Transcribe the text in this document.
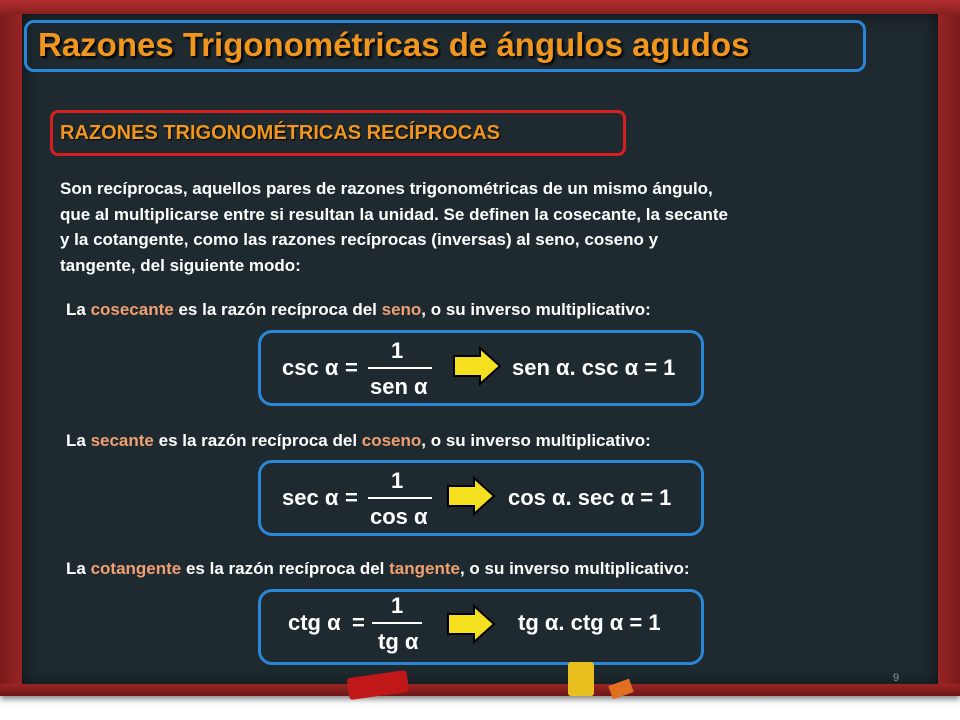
Razones Trigonométricas de ángulos agudos
RAZONES TRIGONOMÉTRICAS RECÍPROCAS
Son recíprocas, aquellos pares de razones trigonométricas de un mismo ángulo,
que al multiplicarse entre si resultan la unidad. Se definen la cosecante, la secante
y la cotangente, como las razones recíprocas (inversas) al seno, coseno y
tangente, del siguiente modo:
La cosecante es la razón recíproca del seno, o su inverso multiplicativo:
csc α =
1
sen α
sen α. csc α = 1
La secante es la razón recíproca del coseno, o su inverso multiplicativo:
sec α =
1
cos α
cos α. sec α = 1
La cotangente es la razón recíproca del tangente, o su inverso multiplicativo:
ctg α =
1
tg α
tg α. ctg α = 1
9
